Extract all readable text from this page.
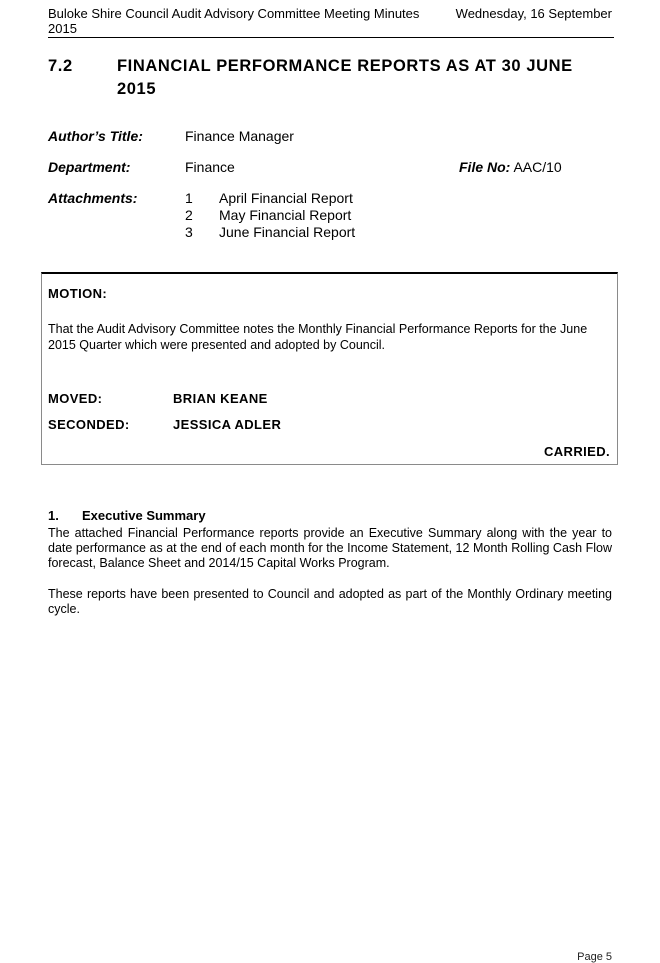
Buloke Shire Council Audit Advisory Committee Meeting Minutes 2015
Wednesday, 16 September
7.2	FINANCIAL PERFORMANCE REPORTS AS AT 30 JUNE 2015
Author’s Title:	Finance Manager
Department:	Finance	File No: AAC/10
Attachments:	1 April Financial Report
2 May Financial Report
3 June Financial Report
MOTION:
That the Audit Advisory Committee notes the Monthly Financial Performance Reports for the June 2015 Quarter which were presented and adopted by Council.
MOVED:	BRIAN KEANE
SECONDED:	JESSICA ADLER
CARRIED.
1. Executive Summary

The attached Financial Performance reports provide an Executive Summary along with the year to date performance as at the end of each month for the Income Statement, 12 Month Rolling Cash Flow forecast, Balance Sheet and 2014/15 Capital Works Program.

These reports have been presented to Council and adopted as part of the Monthly Ordinary meeting cycle.

Page 5
